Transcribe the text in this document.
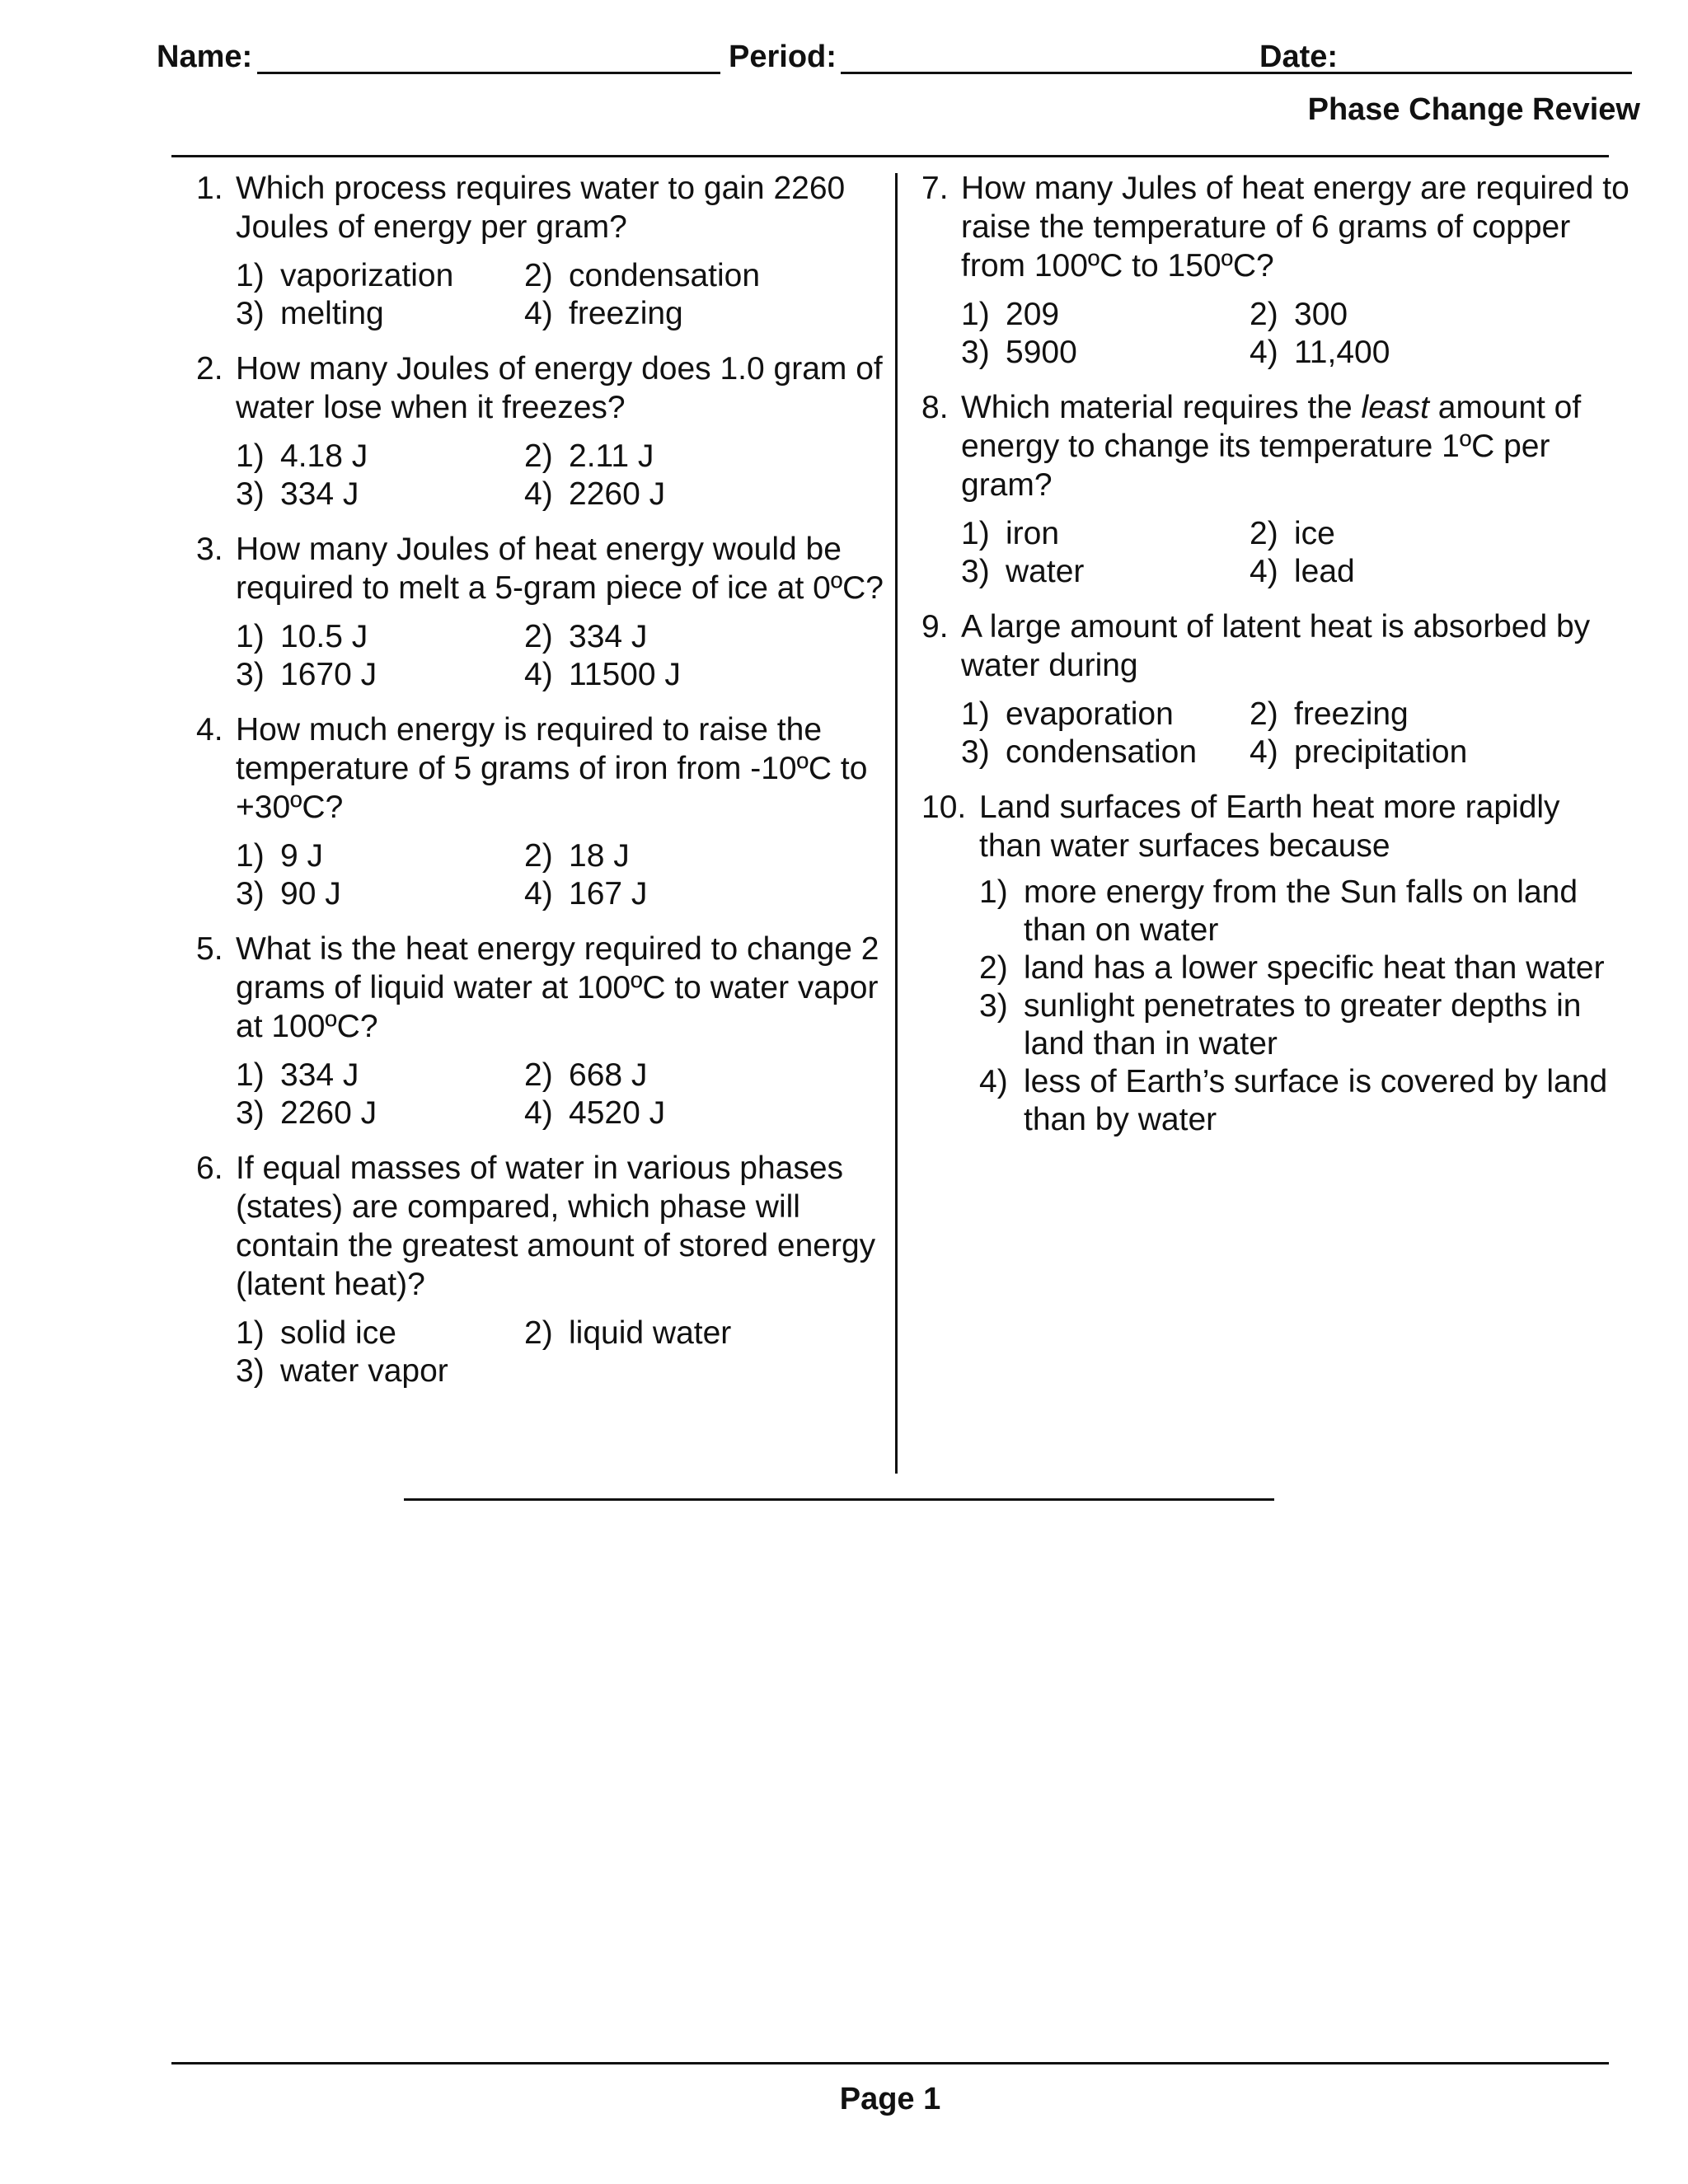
Name:	Period:	Date:
Phase Change Review
1. Which process requires water to gain 2260 Joules of energy per gram?
1) vaporization	2) condensation
3) melting	4) freezing
2. How many Joules of energy does 1.0 gram of water lose when it freezes?
1) 4.18 J	2) 2.11 J
3) 334 J	4) 2260 J
3. How many Joules of heat energy would be required to melt a 5-gram piece of ice at 0ºC?
1) 10.5 J	2) 334 J
3) 1670 J	4) 11500 J
4. How much energy is required to raise the temperature of 5 grams of iron from -10ºC to +30ºC?
1) 9 J	2) 18 J
3) 90 J	4) 167 J
5. What is the heat energy required to change 2 grams of liquid water at 100ºC to water vapor at 100ºC?
1) 334 J	2) 668 J
3) 2260 J	4) 4520 J
6. If equal masses of water in various phases (states) are compared, which phase will contain the greatest amount of stored energy (latent heat)?
1) solid ice	2) liquid water
3) water vapor
7. How many Jules of heat energy are required to raise the temperature of 6 grams of copper from 100ºC to 150ºC?
1) 209	2) 300
3) 5900	4) 11,400
8. Which material requires the least amount of energy to change its temperature 1ºC per gram?
1) iron	2) ice
3) water	4) lead
9. A large amount of latent heat is absorbed by water during
1) evaporation	2) freezing
3) condensation	4) precipitation
10. Land surfaces of Earth heat more rapidly than water surfaces because
1) more energy from the Sun falls on land than on water
2) land has a lower specific heat than water
3) sunlight penetrates to greater depths in land than in water
4) less of Earth’s surface is covered by land than by water
Page 1
